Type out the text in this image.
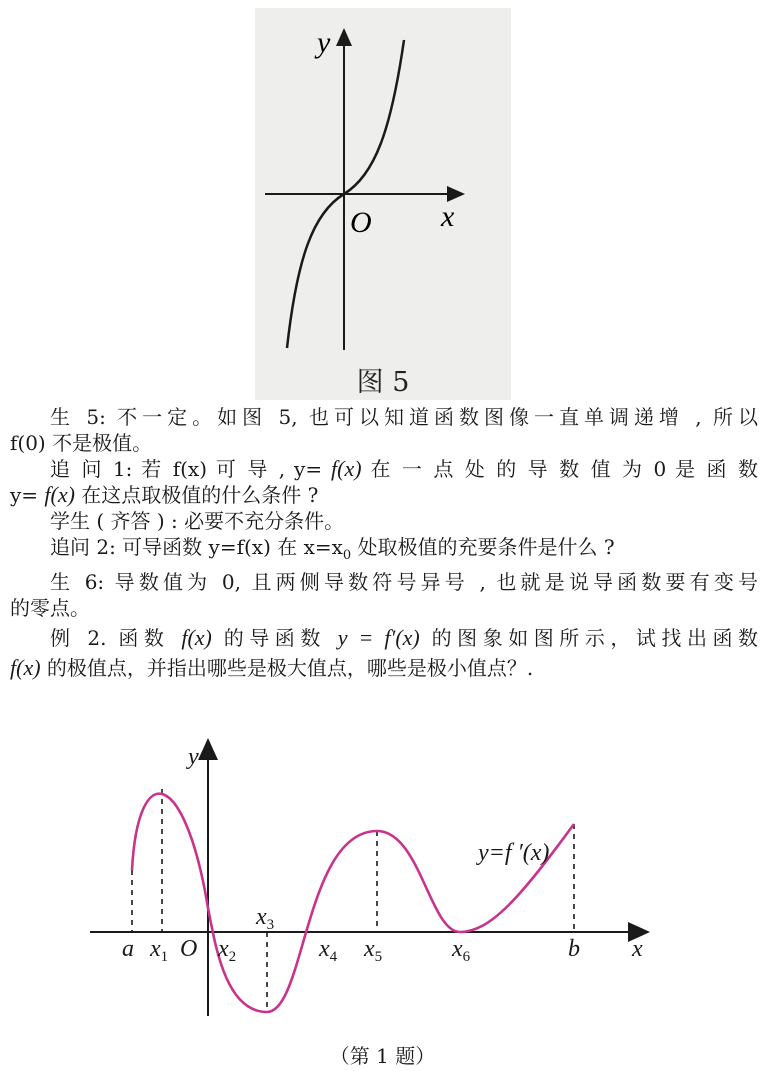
y
x
O
图 5

生 5: 不一定。如图 5, 也可以知道函数图像一直单调递增 , 所以

f(0) 不是极值。

追 问 1: 若 f(x) 可 导 , y= f(x) 在 一 点 处 的 导 数 值 为 0 是 函 数

y= f(x) 在这点取极值的什么条件 ?

学生 ( 齐答 ) : 必要不充分条件。

追问 2: 可导函数 y=f(x) 在 $x=x_0$ 处取极值的充要条件是什么 ?

生 6: 导数值为 0, 且两侧导数符号异号 , 也就是说导函数要有变号

的零点。

例 2. 函数 f(x) 的导函数 y = f′(x) 的图象如图所示，试找出函数

f(x) 的极值点，并指出哪些是极大值点，哪些是极小值点？.

y
y=f ′(x)
x
a $x_1$ O $x_2$
$x_3$
$x_4$ $x_5$	$x_6$	b
（第 1 题）
